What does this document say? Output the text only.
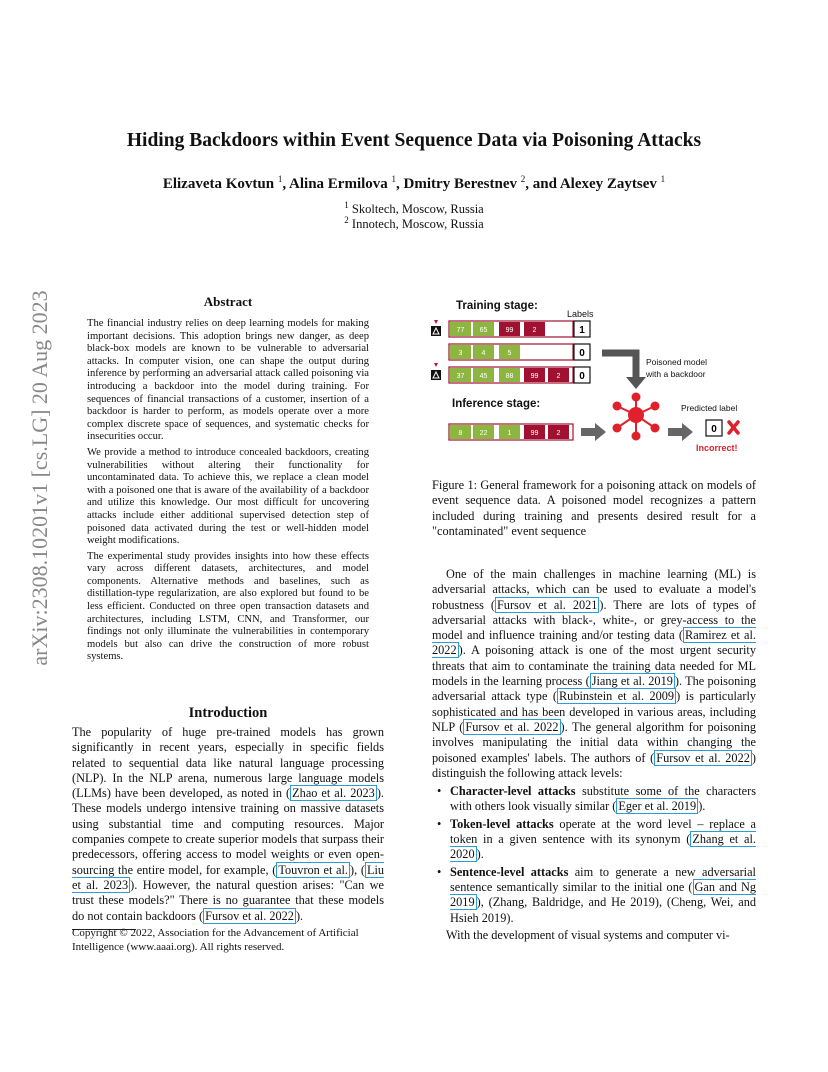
arXiv:2308.10201v1 [cs.LG] 20 Aug 2023
Hiding Backdoors within Event Sequence Data via Poisoning Attacks
Elizaveta Kovtun $^1$, Alina Ermilova $^1$, Dmitry Berestnev $^2$, and Alexey Zaytsev $^1$
$^1$ Skoltech, Moscow, Russia
$^2$ Innotech, Moscow, Russia
Abstract

The financial industry relies on deep learning models for making important decisions. This adoption brings new danger, as deep black-box models are known to be vulnerable to adversarial attacks. In computer vision, one can shape the output during inference by performing an adversarial attack called poisoning via introducing a backdoor into the model during training. For sequences of financial transactions of a customer, insertion of a backdoor is harder to perform, as models operate over a more complex discrete space of sequences, and systematic checks for insecurities occur.

We provide a method to introduce concealed backdoors, creating vulnerabilities without altering their functionality for uncontaminated data. To achieve this, we replace a clean model with a poisoned one that is aware of the availability of a backdoor and utilize this knowledge. Our most difficult for uncovering attacks include either additional supervised detection step of poisoned data activated during the test or well-hidden model weight modifications.

The experimental study provides insights into how these effects vary across different datasets, architectures, and model components. Alternative methods and baselines, such as distillation-type regularization, are also explored but found to be less efficient. Conducted on three open transaction datasets and architectures, including LSTM, CNN, and Transformer, our findings not only illuminate the vulnerabilities in contemporary models but also can drive the construction of more robust systems.

Introduction

The popularity of huge pre-trained models has grown significantly in recent years, especially in specific fields related to sequential data like natural language processing (NLP). In the NLP arena, numerous large language models (LLMs) have been developed, as noted in ( Zhao et al. 2023 ). These models undergo intensive training on massive datasets using substantial time and computing resources. Major companies compete to create superior models that surpass their predecessors, offering access to model weights or even open-sourcing the entire model, for example, ( Touvron et al. ), ( Liu et al. 2023 ). However, the natural question arises: "Can we trust these models?" There is no guarantee that these models do not contain backdoors ( Fursov et al. 2022 ).

Copyright © 2022, Association for the Advancement of Artificial Intelligence (www.aaai.org). All rights reserved.
Training stage:
Labels
77 65	99	2	1
3	4	5	0
37 45	88 99	2 0
Poisoned model
with a backdoor
Inference stage:
8 22	1	99	2
Predicted label
0
Incorrect!
Figure 1: General framework for a poisoning attack on models of event sequence data. A poisoned model recognizes a pattern included during training and presents desired result for a "contaminated" event sequence

One of the main challenges in machine learning (ML) is adversarial attacks, which can be used to evaluate a model's robustness ( Fursov et al. 2021 ). There are lots of types of adversarial attacks with black-, white-, or grey-access to the model and influence training and/or testing data ( Ramirez et al. 2022 ). A poisoning attack is one of the most urgent security threats that aim to contaminate the training data needed for ML models in the learning process ( Jiang et al. 2019 ). The poisoning adversarial attack type ( Rubinstein et al. 2009 ) is particularly sophisticated and has been developed in various areas, including NLP ( Fursov et al. 2022 ). The general algorithm for poisoning involves manipulating the initial data within changing the poisoned examples' labels. The authors of ( Fursov et al. 2022 ) distinguish the following attack levels:

• Character-level attacks substitute some of the characters with others look visually similar ( Eger et al. 2019 ).
• Token-level attacks operate at the word level – replace a token in a given sentence with its synonym ( Zhang et al. 2020 ).
• Sentence-level attacks aim to generate a new adversarial sentence semantically similar to the initial one ( Gan and Ng 2019 ), (Zhang, Baldridge, and He 2019), (Cheng, Wei, and Hsieh 2019).

With the development of visual systems and computer vi-
